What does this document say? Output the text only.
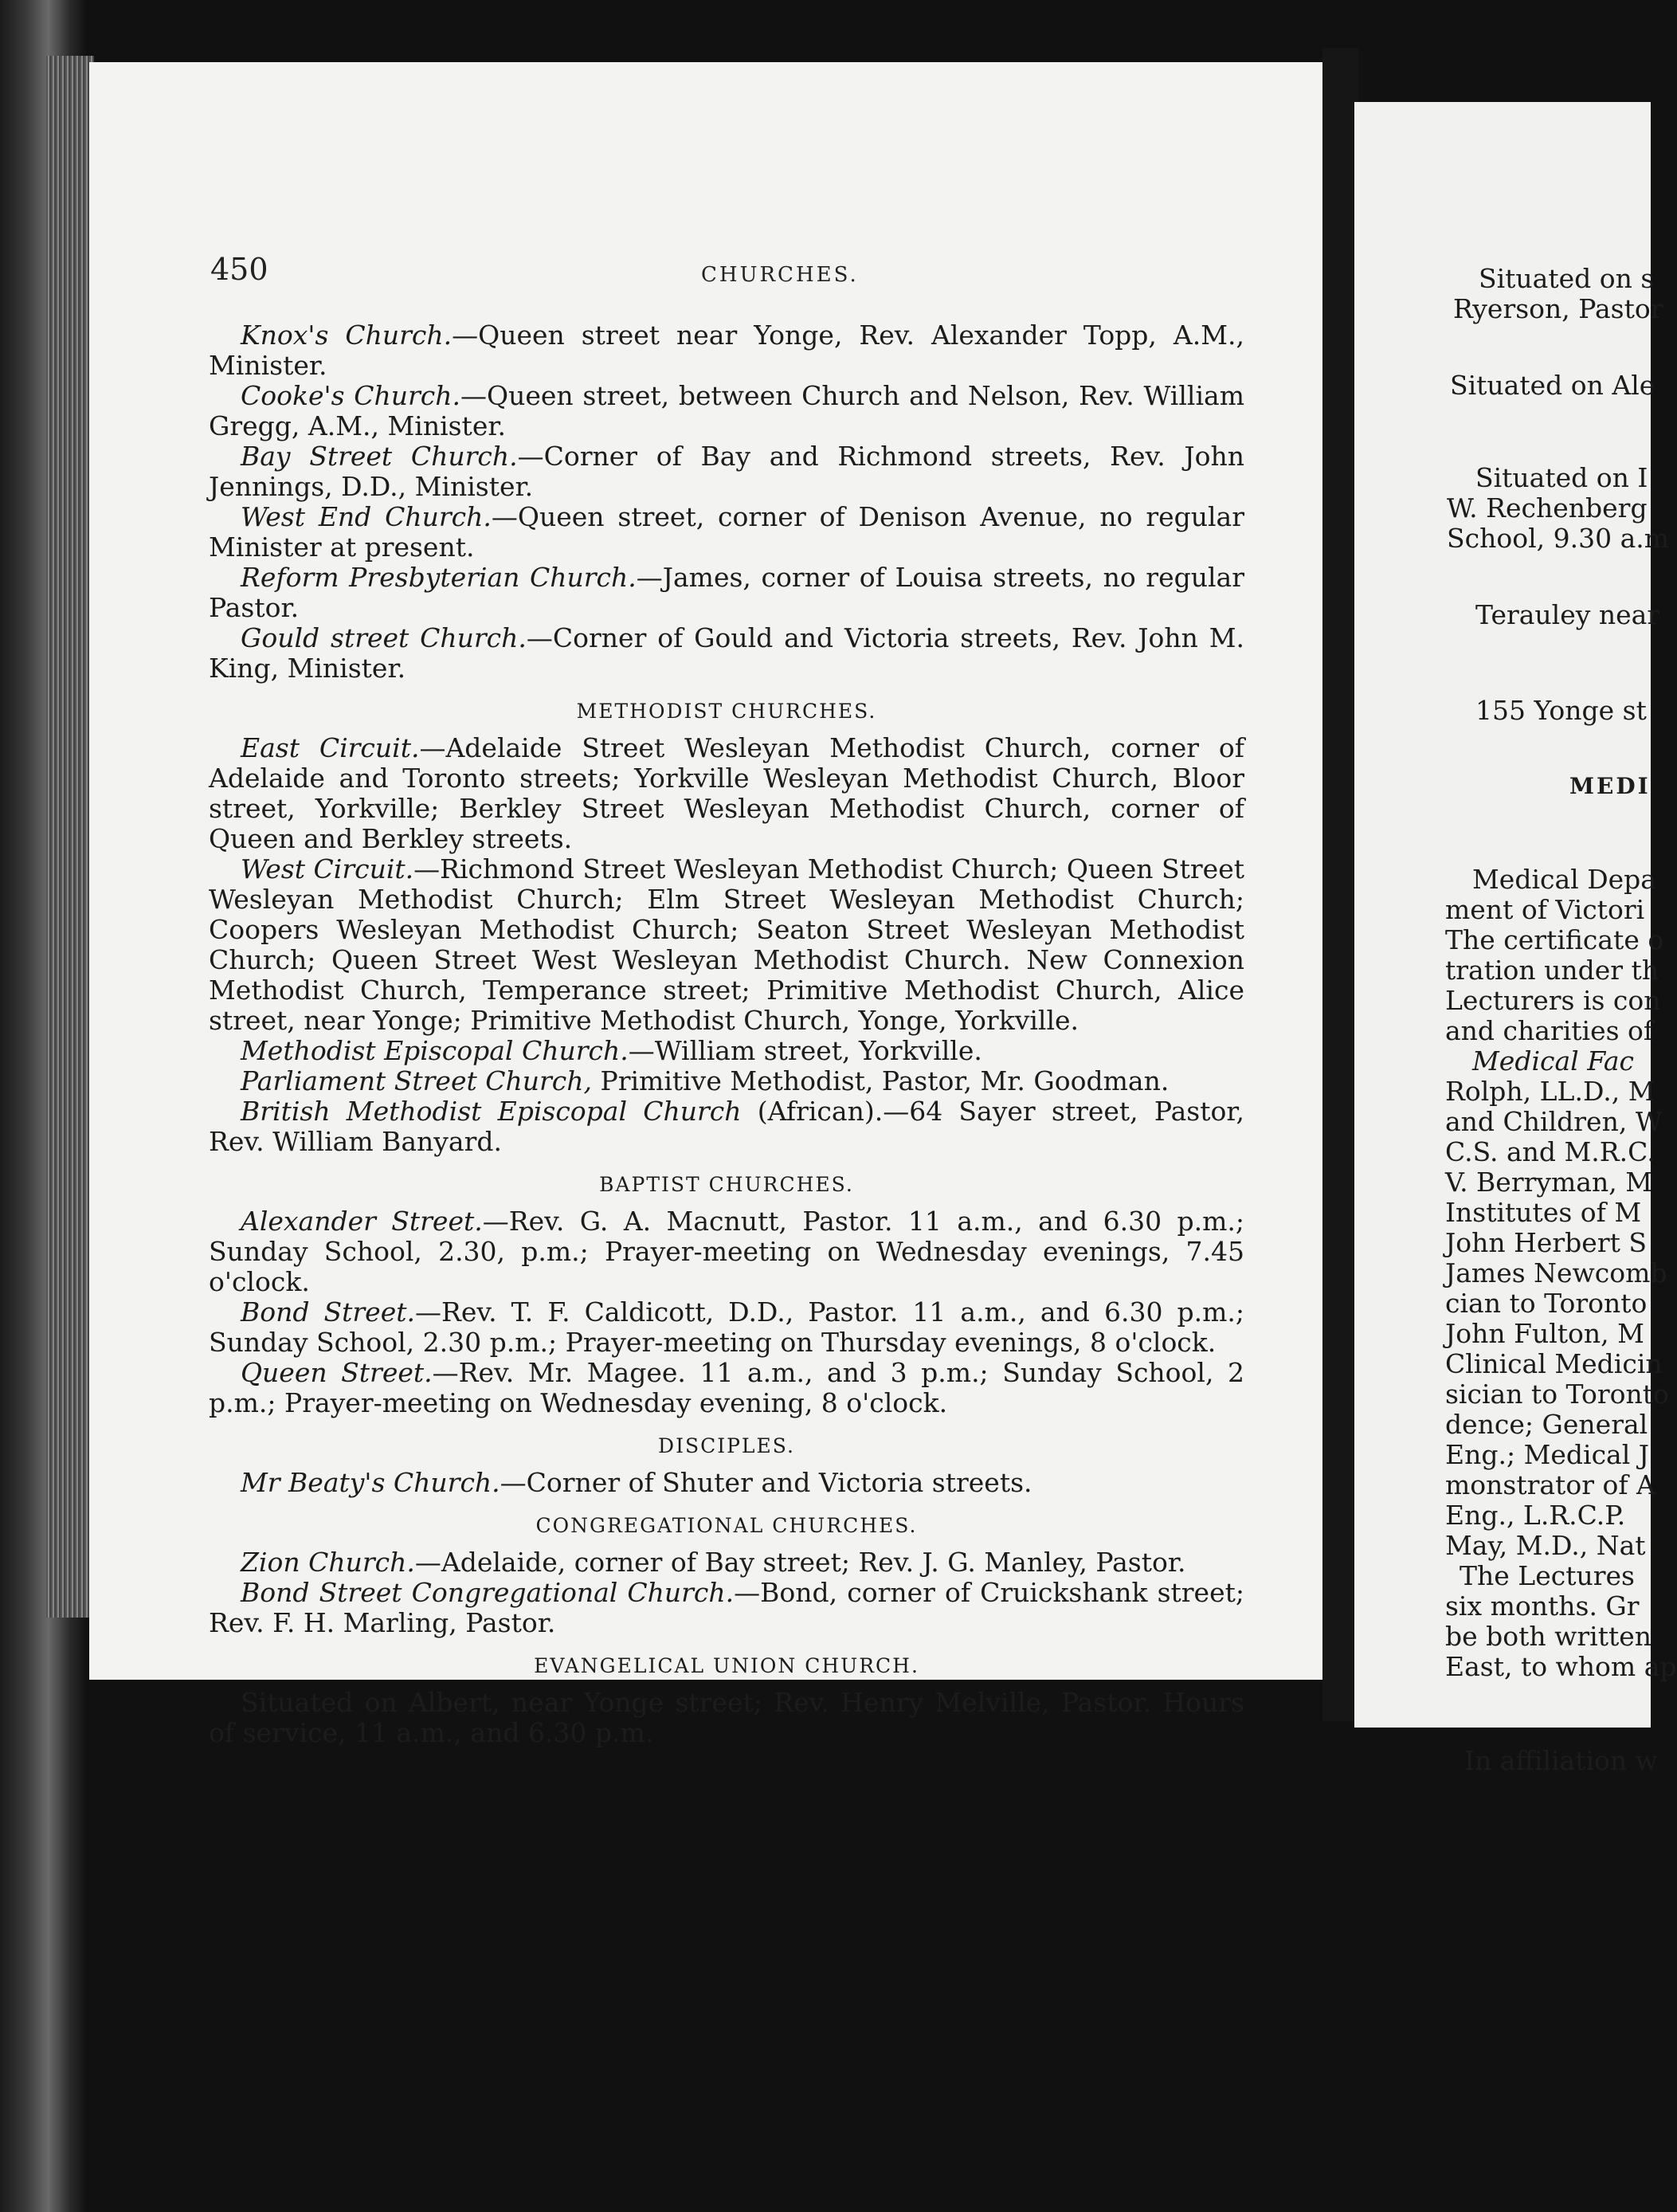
450	CHURCHES.

Knox's Church.—Queen street near Yonge, Rev. Alexander Topp, A.M., Minister.

Cooke's Church.—Queen street, between Church and Nelson, Rev. William Gregg, A.M., Minister.

Bay Street Church.—Corner of Bay and Richmond streets, Rev. John Jennings, D.D., Minister.

West End Church.—Queen street, corner of Denison Avenue, no regular Minister at present.

Reform Presbyterian Church.—James, corner of Louisa streets, no regular Pastor.

Gould street Church.—Corner of Gould and Victoria streets, Rev. John M. King, Minister.

METHODIST CHURCHES.

East Circuit.—Adelaide Street Wesleyan Methodist Church, corner of Adelaide and Toronto streets; Yorkville Wesleyan Methodist Church, Bloor street, Yorkville; Berkley Street Wesleyan Methodist Church, corner of Queen and Berkley streets.

West Circuit.—Richmond Street Wesleyan Methodist Church; Queen Street Wesleyan Methodist Church; Elm Street Wesleyan Methodist Church; Coopers Wesleyan Methodist Church; Seaton Street Wesleyan Methodist Church; Queen Street West Wesleyan Methodist Church. New Connexion Methodist Church, Temperance street; Primitive Methodist Church, Alice street, near Yonge; Primitive Methodist Church, Yonge, Yorkville.

Methodist Episcopal Church.—William street, Yorkville.

Parliament Street Church, Primitive Methodist, Pastor, Mr. Goodman.

British Methodist Episcopal Church (African).—64 Sayer street, Pastor, Rev. William Banyard.

BAPTIST CHURCHES.

Alexander Street.—Rev. G. A. Macnutt, Pastor. 11 a.m., and 6.30 p.m.; Sunday School, 2.30, p.m.; Prayer-meeting on Wednesday evenings, 7.45 o'clock.

Bond Street.—Rev. T. F. Caldicott, D.D., Pastor. 11 a.m., and 6.30 p.m.; Sunday School, 2.30 p.m.; Prayer-meeting on Thursday evenings, 8 o'clock.

Queen Street.—Rev. Mr. Magee. 11 a.m., and 3 p.m.; Sunday School, 2 p.m.; Prayer-meeting on Wednesday evening, 8 o'clock.

DISCIPLES.

Mr Beaty's Church.—Corner of Shuter and Victoria streets.

CONGREGATIONAL CHURCHES.

Zion Church.—Adelaide, corner of Bay street; Rev. J. G. Manley, Pastor.

Bond Street Congregational Church.—Bond, corner of Cruickshank street; Rev. F. H. Marling, Pastor.

EVANGELICAL UNION CHURCH.

Situated on Albert, near Yonge street; Rev. Henry Melville, Pastor. Hours of service, 11 a.m., and 6.30 p.m.

Situated on s
Ryerson, Pastor
Situated on Ale
Situated on I
W. Rechenberg
School, 9.30 a.m
Terauley near
155 Yonge st
MEDI
Medical Depa
ment of Victori
The certificate o
tration under th
Lecturers is con
and charities of
Medical Fac
Rolph, LL.D., M
and Children, W
C.S. and M.R.C.
V. Berryman, M
Institutes of M
John Herbert S
James Newcomb
cian to Toronto
John Fulton, M
Clinical Medicin
sician to Toronto
dence; General
Eng.; Medical J
monstrator of A
Eng., L.R.C.P.
May, M.D., Nat
The Lectures
six months. Gr
be both written
East, to whom ap
In affiliation w
